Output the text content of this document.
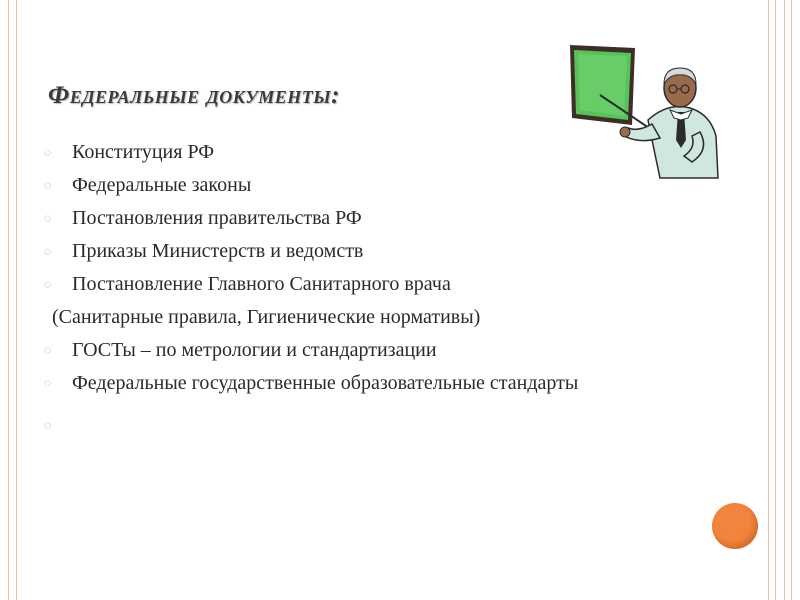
Федеральные документы:
◌	Конституция РФ
◌	Федеральные законы
◌	Постановления правительства РФ
◌	Приказы Министерств и ведомств
◌	Постановление Главного Санитарного врача
(Санитарные правила, Гигиенические нормативы)
◌	ГОСТы – по метрологии и стандартизации
◌	Федеральные государственные образовательные стандарты
◌
